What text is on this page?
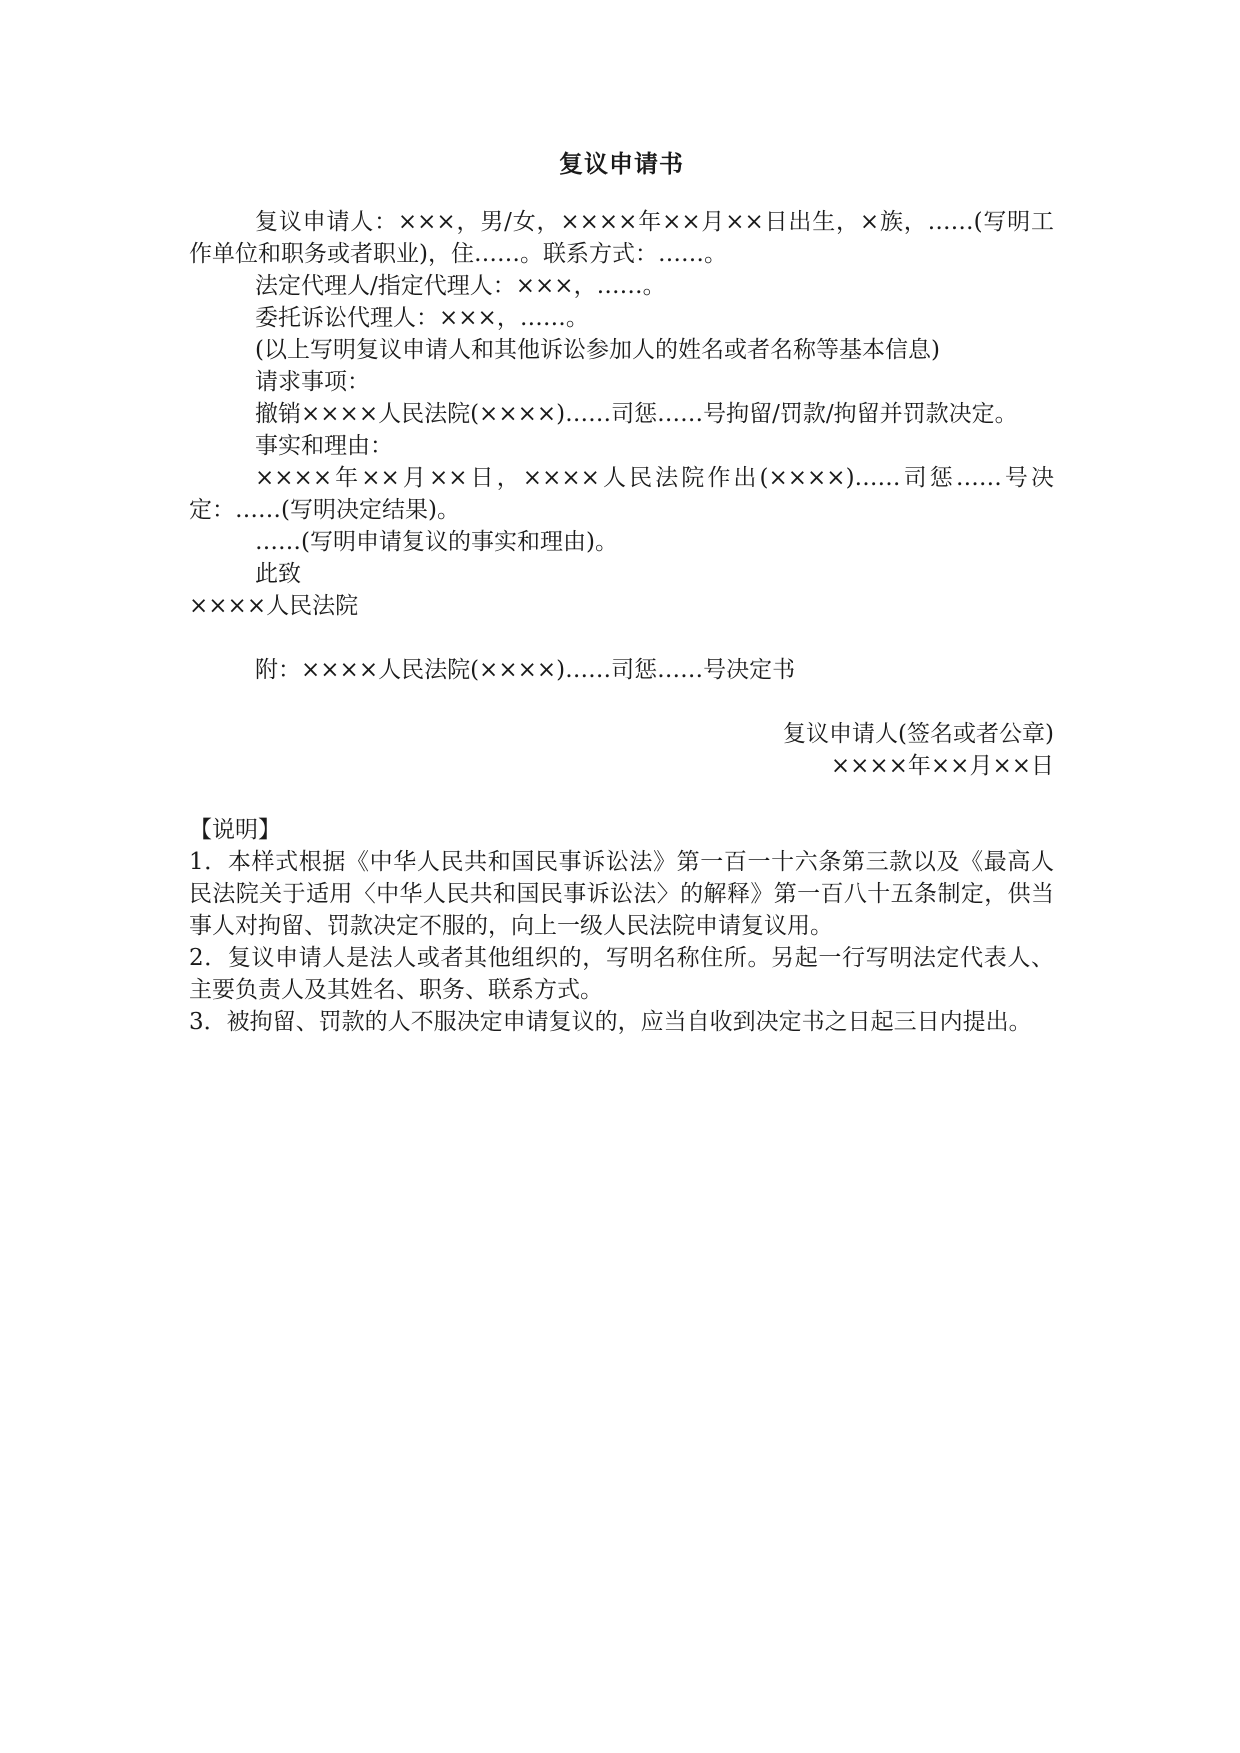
复议申请书

复议申请人：×××，男/女，××××年××月××日出生，×族，……(写明工作单位和职务或者职业)，住……。联系方式：……。

法定代理人/指定代理人：×××，……。

委托诉讼代理人：×××，……。

(以上写明复议申请人和其他诉讼参加人的姓名或者名称等基本信息)

请求事项：

撤销××××人民法院(××××)……司惩……号拘留/罚款/拘留并罚款决定。

事实和理由：

××××年××月××日，××××人民法院作出(××××)……司惩……号决定：……(写明决定结果)。

……(写明申请复议的事实和理由)。

此致

××××人民法院

附：××××人民法院(××××)……司惩……号决定书

复议申请人(签名或者公章)

××××年××月××日

【说明】

1．本样式根据《中华人民共和国民事诉讼法》第一百一十六条第三款以及《最高人民法院关于适用〈中华人民共和国民事诉讼法〉的解释》第一百八十五条制定，供当事人对拘留、罚款决定不服的，向上一级人民法院申请复议用。

2．复议申请人是法人或者其他组织的，写明名称住所。另起一行写明法定代表人、主要负责人及其姓名、职务、联系方式。

3．被拘留、罚款的人不服决定申请复议的，应当自收到决定书之日起三日内提出。
